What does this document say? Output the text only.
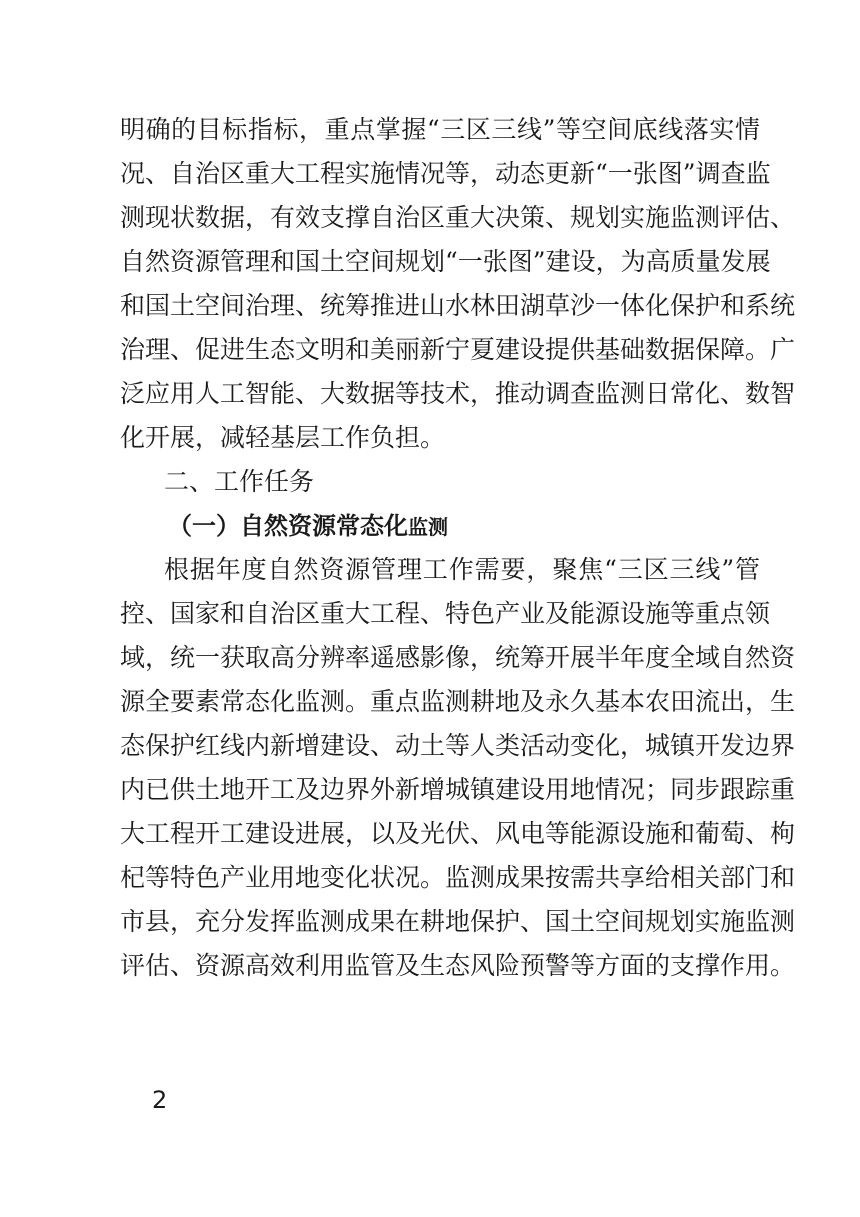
明确的目标指标，重点掌握“三区三线”等空间底线落实情
况、自治区重大工程实施情况等，动态更新“一张图”调查监
测现状数据，有效支撑自治区重大决策、规划实施监测评估、
自然资源管理和国土空间规划“一张图”建设，为高质量发展
和国土空间治理、统筹推进山水林田湖草沙一体化保护和系统
治理、促进生态文明和美丽新宁夏建设提供基础数据保障。广
泛应用人工智能、大数据等技术，推动调查监测日常化、数智
化开展，减轻基层工作负担。
二、工作任务
（一）自然资源常态化监测
根据年度自然资源管理工作需要，聚焦“三区三线”管
控、国家和自治区重大工程、特色产业及能源设施等重点领
域，统一获取高分辨率遥感影像，统筹开展半年度全域自然资
源全要素常态化监测。重点监测耕地及永久基本农田流出，生
态保护红线内新增建设、动土等人类活动变化，城镇开发边界
内已供土地开工及边界外新增城镇建设用地情况；同步跟踪重
大工程开工建设进展，以及光伏、风电等能源设施和葡萄、枸
杞等特色产业用地变化状况。监测成果按需共享给相关部门和
市县，充分发挥监测成果在耕地保护、国土空间规划实施监测
评估、资源高效利用监管及生态风险预警等方面的支撑作用。
2
